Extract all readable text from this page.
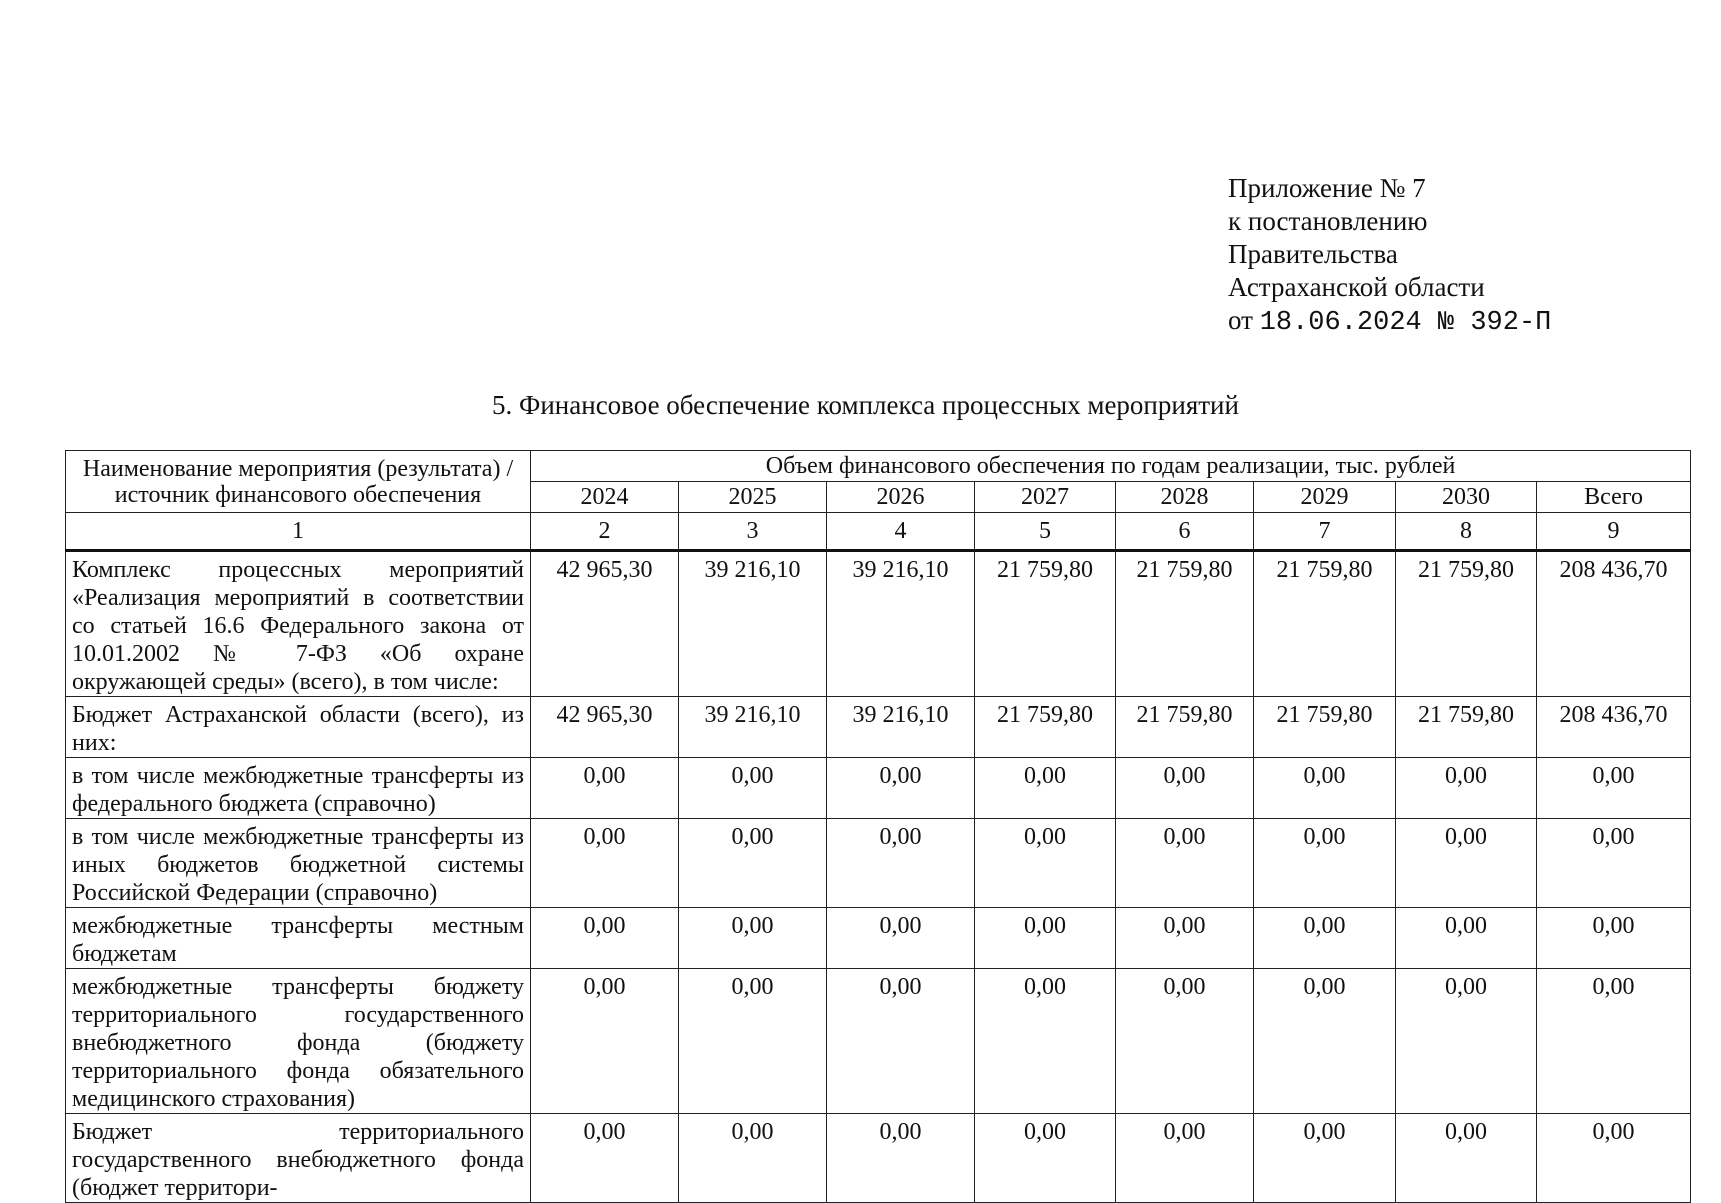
Приложение № 7
к постановлению
Правительства
Астраханской области
от 18.06.2024 № 392-П
5. Финансовое обеспечение комплекса процессных мероприятий
Наименование мероприятия (результата) / источник финансового обеспечения	Объем финансового обеспечения по годам реализации, тыс. рублей							
	2024	2025	2026	2027	2028	2029	2030	Всего
1	2	3	4	5	6	7	8	9
Комплекс процессных мероприятий «Реализация мероприятий в соответствии со статьей 16.6 Федерального закона от 10.01.2002 № 7-ФЗ «Об охране окружающей среды» (всего), в том числе:	42 965,30	39 216,10	39 216,10	21 759,80	21 759,80	21 759,80	21 759,80	208 436,70
Бюджет Астраханской области (всего), из них:	42 965,30	39 216,10	39 216,10	21 759,80	21 759,80	21 759,80	21 759,80	208 436,70
в том числе межбюджетные трансферты из федерального бюджета (справочно)	0,00	0,00	0,00	0,00	0,00	0,00	0,00	0,00
в том числе межбюджетные трансферты из иных бюджетов бюджетной системы Российской Федерации (справочно)	0,00	0,00	0,00	0,00	0,00	0,00	0,00	0,00
межбюджетные трансферты местным бюджетам	0,00	0,00	0,00	0,00	0,00	0,00	0,00	0,00
межбюджетные трансферты бюджету территориального государственного внебюджетного фонда (бюджету территориального фонда обязательного медицинского страхования)	0,00	0,00	0,00	0,00	0,00	0,00	0,00	0,00
Бюджет территориального государственного внебюджетного фонда (бюджет территори-	0,00	0,00	0,00	0,00	0,00	0,00	0,00	0,00
